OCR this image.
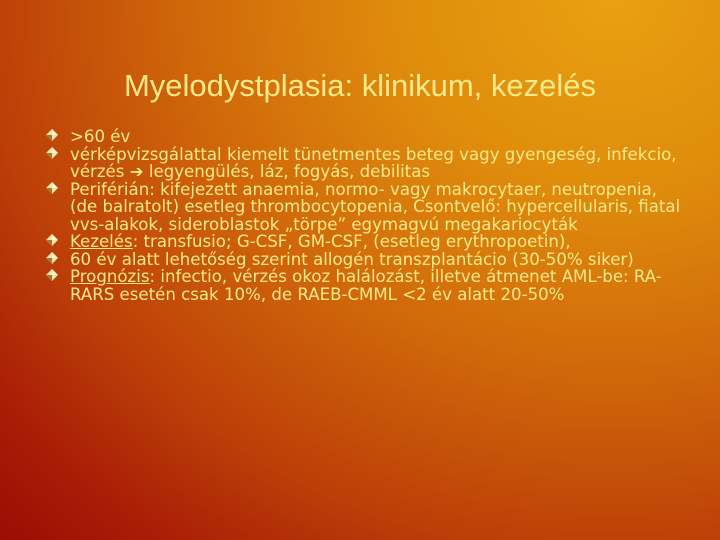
Myelodystplasia: klinikum, kezelés
>60 év
vérképvizsgálattal kiemelt tünetmentes beteg vagy gyengeség, infekcio, vérzés ➔ legyengülés, láz, fogyás, debilitas
Periférián: kifejezett anaemia, normo- vagy makrocytaer, neutropenia, (de balratolt) esetleg thrombocytopenia, Csontvelő: hypercellularis, fiatal vvs-alakok, sideroblastok „törpe” egymagvú megakariocyták
Kezelés: transfusio; G-CSF, GM-CSF, (esetleg erythropoetin),
60 év alatt lehetőség szerint allogén transzplantácio (30-50% siker)
Prognózis: infectio, vérzés okoz halálozást, illetve átmenet AML-be: RA-RARS esetén csak 10%, de RAEB-CMML <2 év alatt 20-50%
